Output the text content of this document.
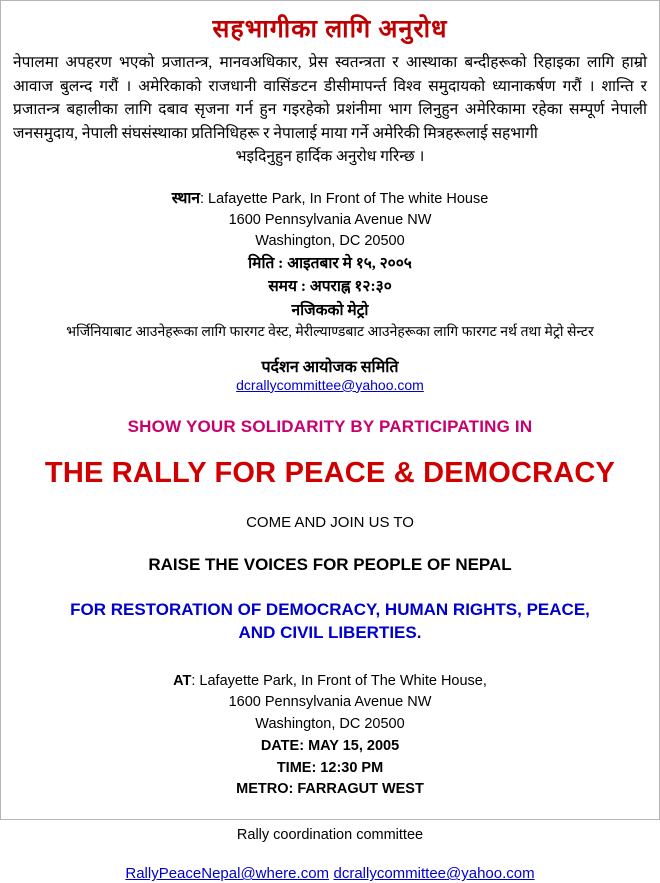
सहभागीका लागि अनुरोध
नेपालमा अपहरण भएको प्रजातन्त्र, मानवअधिकार, प्रेस स्वतन्त्रता र आस्थाका बन्दीहरूको रिहाइका लागि हाम्रो आवाज बुलन्द गरौं । अमेरिकाको राजधानी वासिंङटन डीसीमापर्न्त विश्व समुदायको ध्यानाकर्षण गरौं । शान्ति र प्रजातन्त्र बहालीका लागि दबाव सृजना गर्न हुन गइरहेको प्रशंनीमा भाग लिनुहुन अमेरिकामा रहेका सम्पूर्ण नेपाली जनसमुदाय, नेपाली संघसंस्थाका प्रतिनिधिहरू र नेपालाई माया गर्ने अमेरिकी मित्रहरूलाई सहभागी
भइदिनुहुन हार्दिक अनुरोध गरिन्छ ।
स्थान: Lafayette Park, In Front of The white House
1600 Pennsylvania Avenue NW
Washington, DC 20500
मिति : आइतबार मे १५, २००५
समय : अपराह्न १२:३०
नजिकको मेट्रो
भर्जिनियाबाट आउनेहरूका लागि फारगट वेस्ट, मेरील्याण्डबाट आउनेहरूका लागि फारगट नर्थ तथा मेट्रो सेन्टर
पर्दशन आयोजक समिति
dcrallycommittee@yahoo.com
SHOW YOUR SOLIDARITY BY PARTICIPATING IN
THE RALLY FOR PEACE & DEMOCRACY
COME AND JOIN US TO
RAISE THE VOICES FOR PEOPLE OF NEPAL
FOR RESTORATION OF DEMOCRACY, HUMAN RIGHTS, PEACE,
AND CIVIL LIBERTIES.
AT: Lafayette Park, In Front of The White House,
1600 Pennsylvania Avenue NW
Washington, DC 20500
DATE: MAY 15, 2005
TIME: 12:30 PM
METRO: FARRAGUT WEST
Rally coordination committee
RallyPeaceNepal@where.com dcrallycommittee@yahoo.com
